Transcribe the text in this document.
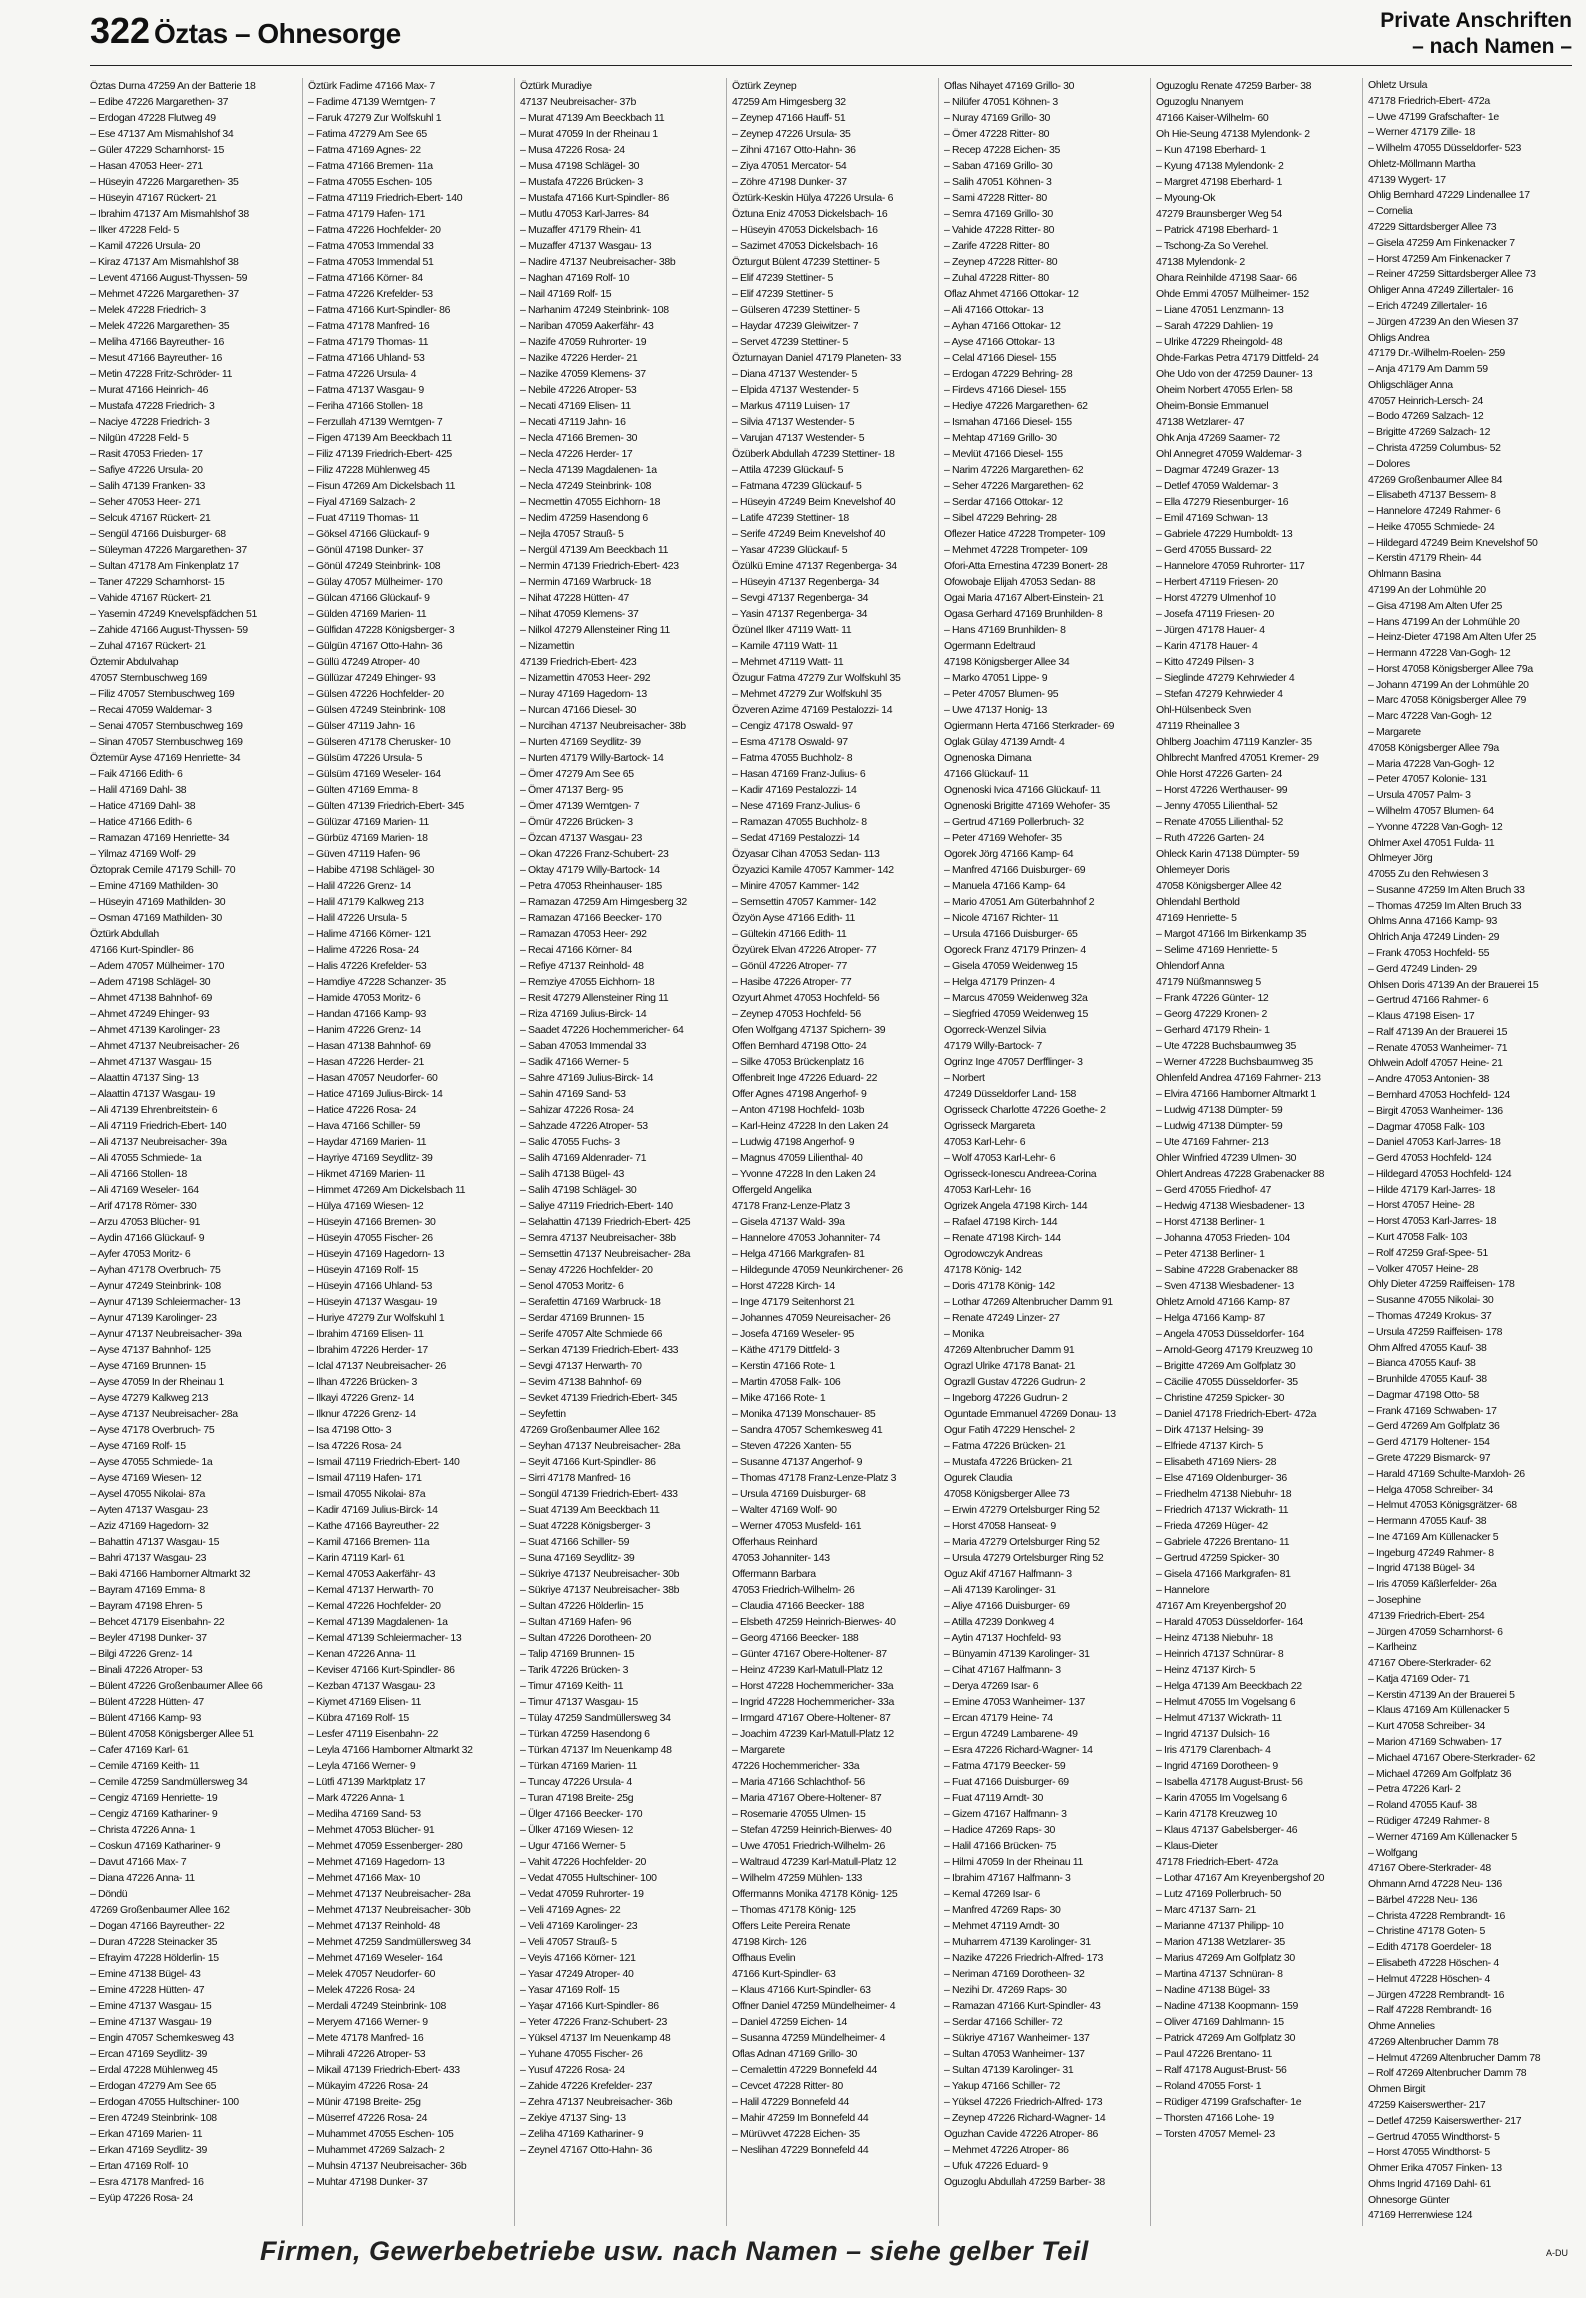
322 Öztas – Ohnesorge	Private Anschriften
– nach Namen –
Öztas Durna 47259 An der Batterie 18
– Edibe 47226 Margarethen- 37
– Erdogan 47228 Flutweg 49
– Ese 47137 Am Mismahlshof 34
– Güler 47229 Scharnhorst- 15
– Hasan 47053 Heer- 271
– Hüseyin 47226 Margarethen- 35
– Hüseyin 47167 Rückert- 21
– Ibrahim 47137 Am Mismahlshof 38
– Ilker 47228 Feld- 5
– Kamil 47226 Ursula- 20
– Kiraz 47137 Am Mismahlshof 38
– Levent 47166 August-Thyssen- 59
– Mehmet 47226 Margarethen- 37
– Melek 47228 Friedrich- 3
– Melek 47226 Margarethen- 35
– Meliha 47166 Bayreuther- 16
– Mesut 47166 Bayreuther- 16
– Metin 47228 Fritz-Schröder- 11
– Murat 47166 Heinrich- 46
– Mustafa 47228 Friedrich- 3
– Naciye 47228 Friedrich- 3
– Nilgün 47228 Feld- 5
– Rasit 47053 Frieden- 17
– Safiye 47226 Ursula- 20
– Salih 47139 Franken- 33
– Seher 47053 Heer- 271
– Selcuk 47167 Rückert- 21
– Sengül 47166 Duisburger- 68
– Süleyman 47226 Margarethen- 37
– Sultan 47178 Am Finkenplatz 17
– Taner 47229 Scharnhorst- 15
– Vahide 47167 Rückert- 21
– Yasemin 47249 Knevelspfädchen 51
– Zahide 47166 August-Thyssen- 59
– Zuhal 47167 Rückert- 21
Öztemir Abdulvahap
47057 Sternbuschweg 169
– Filiz 47057 Sternbuschweg 169
– Recai 47059 Waldemar- 3
– Senai 47057 Sternbuschweg 169
– Sinan 47057 Sternbuschweg 169
Öztemür Ayse 47169 Henriette- 34
– Faik 47166 Edith- 6
– Halil 47169 Dahl- 38
– Hatice 47169 Dahl- 38
– Hatice 47166 Edith- 6
– Ramazan 47169 Henriette- 34
– Yilmaz 47169 Wolf- 29
Öztoprak Cemile 47179 Schill- 70
– Emine 47169 Mathilden- 30
– Hüseyin 47169 Mathilden- 30
– Osman 47169 Mathilden- 30
Öztürk Abdullah
47166 Kurt-Spindler- 86
– Adem 47057 Mülheimer- 170
– Adem 47198 Schlägel- 30
– Ahmet 47138 Bahnhof- 69
– Ahmet 47249 Ehinger- 93
– Ahmet 47139 Karolinger- 23
– Ahmet 47137 Neubreisacher- 26
– Ahmet 47137 Wasgau- 15
– Alaattin 47137 Sing- 13
– Alaattin 47137 Wasgau- 19
– Ali 47139 Ehrenbreitstein- 6
– Ali 47119 Friedrich-Ebert- 140
– Ali 47137 Neubreisacher- 39a
– Ali 47055 Schmiede- 1a
– Ali 47166 Stollen- 18
– Ali 47169 Weseler- 164
– Arif 47178 Römer- 330
– Arzu 47053 Blücher- 91
– Aydin 47166 Glückauf- 9
– Ayfer 47053 Moritz- 6
– Ayhan 47178 Overbruch- 75
– Aynur 47249 Steinbrink- 108
– Aynur 47139 Schleiermacher- 13
– Aynur 47139 Karolinger- 23
– Aynur 47137 Neubreisacher- 39a
– Ayse 47137 Bahnhof- 125
– Ayse 47169 Brunnen- 15
– Ayse 47059 In der Rheinau 1
– Ayse 47279 Kalkweg 213
– Ayse 47137 Neubreisacher- 28a
– Ayse 47178 Overbruch- 75
– Ayse 47169 Rolf- 15
– Ayse 47055 Schmiede- 1a
– Ayse 47169 Wiesen- 12
– Aysel 47055 Nikolai- 87a
– Ayten 47137 Wasgau- 23
– Aziz 47169 Hagedorn- 32
– Bahattin 47137 Wasgau- 15
– Bahri 47137 Wasgau- 23
– Baki 47166 Hamborner Altmarkt 32
– Bayram 47169 Emma- 8
– Bayram 47198 Ehren- 5
– Behcet 47179 Eisenbahn- 22
– Beyler 47198 Dunker- 37
– Bilgi 47226 Grenz- 14
– Binali 47226 Atroper- 53
– Bülent 47226 Großenbaumer Allee 66
– Bülent 47228 Hütten- 47
– Bülent 47166 Kamp- 93
– Bülent 47058 Königsberger Allee 51
– Cafer 47169 Karl- 61
– Cemile 47169 Keith- 11
– Cemile 47259 Sandmüllersweg 34
– Cengiz 47169 Henriette- 19
– Cengiz 47169 Kathariner- 9
– Christa 47226 Anna- 1
– Coskun 47169 Kathariner- 9
– Davut 47166 Max- 7
– Diana 47226 Anna- 11
– Döndü
47269 Großenbaumer Allee 162
– Dogan 47166 Bayreuther- 22
– Duran 47228 Steinacker 35
– Efrayim 47228 Hölderlin- 15
– Emine 47138 Bügel- 43
– Emine 47228 Hütten- 47
– Emine 47137 Wasgau- 15
– Emine 47137 Wasgau- 19
– Engin 47057 Schemkesweg 43
– Ercan 47169 Seydlitz- 39
– Erdal 47228 Mühlenweg 45
– Erdogan 47279 Am See 65
– Erdogan 47055 Hultschiner- 100
– Eren 47249 Steinbrink- 108
– Erkan 47169 Marien- 11
– Erkan 47169 Seydlitz- 39
– Ertan 47169 Rolf- 10
– Esra 47178 Manfred- 16
– Eyüp 47226 Rosa- 24
Öztürk Fadime 47166 Max- 7
– Fadime 47139 Werntgen- 7
– Faruk 47279 Zur Wolfskuhl 1
– Fatima 47279 Am See 65
– Fatma 47169 Agnes- 22
– Fatma 47166 Bremen- 11a
– Fatma 47055 Eschen- 105
– Fatma 47119 Friedrich-Ebert- 140
– Fatma 47179 Hafen- 171
– Fatma 47226 Hochfelder- 20
– Fatma 47053 Immendal 33
– Fatma 47053 Immendal 51
– Fatma 47166 Körner- 84
– Fatma 47226 Krefelder- 53
– Fatma 47166 Kurt-Spindler- 86
– Fatma 47178 Manfred- 16
– Fatma 47179 Thomas- 11
– Fatma 47166 Uhland- 53
– Fatma 47226 Ursula- 4
– Fatma 47137 Wasgau- 9
– Feriha 47166 Stollen- 18
– Ferzullah 47139 Werntgen- 7
– Figen 47139 Am Beeckbach 11
– Filiz 47139 Friedrich-Ebert- 425
– Filiz 47228 Mühlenweg 45
– Fisun 47269 Am Dickelsbach 11
– Fiyal 47169 Salzach- 2
– Fuat 47119 Thomas- 11
– Göksel 47166 Glückauf- 9
– Gönül 47198 Dunker- 37
– Gönül 47249 Steinbrink- 108
– Gülay 47057 Mülheimer- 170
– Gülcan 47166 Glückauf- 9
– Gülden 47169 Marien- 11
– Gülfidan 47228 Königsberger- 3
– Gülgün 47167 Otto-Hahn- 36
– Güllü 47249 Atroper- 40
– Güllüzar 47249 Ehinger- 93
– Gülsen 47226 Hochfelder- 20
– Gülsen 47249 Steinbrink- 108
– Gülser 47119 Jahn- 16
– Gülseren 47178 Cherusker- 10
– Gülsüm 47226 Ursula- 5
– Gülsüm 47169 Weseler- 164
– Gülten 47169 Emma- 8
– Gülten 47139 Friedrich-Ebert- 345
– Gülüzar 47169 Marien- 11
– Gürbüz 47169 Marien- 18
– Güven 47119 Hafen- 96
– Habibe 47198 Schlägel- 30
– Halil 47226 Grenz- 14
– Halil 47179 Kalkweg 213
– Halil 47226 Ursula- 5
– Halime 47166 Körner- 121
– Halime 47226 Rosa- 24
– Halis 47226 Krefelder- 53
– Hamdiye 47228 Schanzer- 35
– Hamide 47053 Moritz- 6
– Handan 47166 Kamp- 93
– Hanim 47226 Grenz- 14
– Hasan 47138 Bahnhof- 69
– Hasan 47226 Herder- 21
– Hasan 47057 Neudorfer- 60
– Hatice 47169 Julius-Birck- 14
– Hatice 47226 Rosa- 24
– Hava 47166 Schiller- 59
– Haydar 47169 Marien- 11
– Hayriye 47169 Seydlitz- 39
– Hikmet 47169 Marien- 11
– Himmet 47269 Am Dickelsbach 11
– Hülya 47169 Wiesen- 12
– Hüseyin 47166 Bremen- 30
– Hüseyin 47055 Fischer- 26
– Hüseyin 47169 Hagedorn- 13
– Hüseyin 47169 Rolf- 15
– Hüseyin 47166 Uhland- 53
– Hüseyin 47137 Wasgau- 19
– Huriye 47279 Zur Wolfskuhl 1
– Ibrahim 47169 Elisen- 11
– Ibrahim 47226 Herder- 17
– Iclal 47137 Neubreisacher- 26
– Ilhan 47226 Brücken- 3
– Ilkayi 47226 Grenz- 14
– Ilknur 47226 Grenz- 14
– Isa 47198 Otto- 3
– Isa 47226 Rosa- 24
– Ismail 47119 Friedrich-Ebert- 140
– Ismail 47119 Hafen- 171
– Ismail 47055 Nikolai- 87a
– Kadir 47169 Julius-Birck- 14
– Kathe 47166 Bayreuther- 22
– Kamil 47166 Bremen- 11a
– Karin 47119 Karl- 61
– Kemal 47053 Aakerfähr- 43
– Kemal 47137 Herwarth- 70
– Kemal 47226 Hochfelder- 20
– Kemal 47139 Magdalenen- 1a
– Kemal 47139 Schleiermacher- 13
– Kenan 47226 Anna- 11
– Keviser 47166 Kurt-Spindler- 86
– Kezban 47137 Wasgau- 23
– Kiymet 47169 Elisen- 11
– Kübra 47169 Rolf- 15
– Lesfer 47119 Eisenbahn- 22
– Leyla 47166 Hamborner Altmarkt 32
– Leyla 47166 Werner- 9
– Lütfi 47139 Marktplatz 17
– Mark 47226 Anna- 1
– Mediha 47169 Sand- 53
– Mehmet 47053 Blücher- 91
– Mehmet 47059 Essenberger- 280
– Mehmet 47169 Hagedorn- 13
– Mehmet 47166 Max- 10
– Mehmet 47137 Neubreisacher- 28a
– Mehmet 47137 Neubreisacher- 30b
– Mehmet 47137 Reinhold- 48
– Mehmet 47259 Sandmüllersweg 34
– Mehmet 47169 Weseler- 164
– Melek 47057 Neudorfer- 60
– Melek 47226 Rosa- 24
– Merdali 47249 Steinbrink- 108
– Meryem 47166 Werner- 9
– Mete 47178 Manfred- 16
– Mihrali 47226 Atroper- 53
– Mikail 47139 Friedrich-Ebert- 433
– Mükayim 47226 Rosa- 24
– Münir 47198 Breite- 25g
– Müserref 47226 Rosa- 24
– Muhammet 47055 Eschen- 105
– Muhammet 47269 Salzach- 2
– Muhsin 47137 Neubreisacher- 36b
– Muhtar 47198 Dunker- 37
Öztürk Muradiye
47137 Neubreisacher- 37b
– Murat 47139 Am Beeckbach 11
– Murat 47059 In der Rheinau 1
– Musa 47226 Rosa- 24
– Musa 47198 Schlägel- 30
– Mustafa 47226 Brücken- 3
– Mustafa 47166 Kurt-Spindler- 86
– Mutlu 47053 Karl-Jarres- 84
– Muzaffer 47179 Rhein- 41
– Muzaffer 47137 Wasgau- 13
– Nadire 47137 Neubreisacher- 38b
– Naghan 47169 Rolf- 10
– Nail 47169 Rolf- 15
– Narhanim 47249 Steinbrink- 108
– Nariban 47059 Aakerfähr- 43
– Nazife 47059 Ruhrorter- 19
– Nazike 47226 Herder- 21
– Nazike 47059 Klemens- 37
– Nebile 47226 Atroper- 53
– Necati 47169 Elisen- 11
– Necati 47119 Jahn- 16
– Necla 47166 Bremen- 30
– Necla 47226 Herder- 17
– Necla 47139 Magdalenen- 1a
– Necla 47249 Steinbrink- 108
– Necmettin 47055 Eichhorn- 18
– Nedim 47259 Hasendong 6
– Nejla 47057 Strauß- 5
– Nergül 47139 Am Beeckbach 11
– Nermin 47139 Friedrich-Ebert- 423
– Nermin 47169 Warbruck- 18
– Nihat 47228 Hütten- 47
– Nihat 47059 Klemens- 37
– Nilkol 47279 Allensteiner Ring 11
– Nizamettin
47139 Friedrich-Ebert- 423
– Nizamettin 47053 Heer- 292
– Nuray 47169 Hagedorn- 13
– Nurcan 47166 Diesel- 30
– Nurcihan 47137 Neubreisacher- 38b
– Nurten 47169 Seydlitz- 39
– Nurten 47179 Willy-Bartock- 14
– Ömer 47279 Am See 65
– Ömer 47137 Berg- 95
– Ömer 47139 Werntgen- 7
– Ömür 47226 Brücken- 3
– Özcan 47137 Wasgau- 23
– Okan 47226 Franz-Schubert- 23
– Oktay 47179 Willy-Bartock- 14
– Petra 47053 Rheinhauser- 185
– Ramazan 47259 Am Himgesberg 32
– Ramazan 47166 Beecker- 170
– Ramazan 47053 Heer- 292
– Recai 47166 Körner- 84
– Refiye 47137 Reinhold- 48
– Remziye 47055 Eichhorn- 18
– Resit 47279 Allensteiner Ring 11
– Riza 47169 Julius-Birck- 14
– Saadet 47226 Hochemmericher- 64
– Saban 47053 Immendal 33
– Sadik 47166 Werner- 5
– Sahre 47169 Julius-Birck- 14
– Sahin 47169 Sand- 53
– Sahizar 47226 Rosa- 24
– Sahzade 47226 Atroper- 53
– Salic 47055 Fuchs- 3
– Salih 47169 Aldenrader- 71
– Salih 47138 Bügel- 43
– Salih 47198 Schlägel- 30
– Saliye 47119 Friedrich-Ebert- 140
– Selahattin 47139 Friedrich-Ebert- 425
– Semra 47137 Neubreisacher- 38b
– Semsettin 47137 Neubreisacher- 28a
– Senay 47226 Hochfelder- 20
– Senol 47053 Moritz- 6
– Serafettin 47169 Warbruck- 18
– Serdar 47169 Brunnen- 15
– Serife 47057 Alte Schmiede 66
– Serkan 47139 Friedrich-Ebert- 433
– Sevgi 47137 Herwarth- 70
– Sevim 47138 Bahnhof- 69
– Sevket 47139 Friedrich-Ebert- 345
– Seyfettin
47269 Großenbaumer Allee 162
– Seyhan 47137 Neubreisacher- 28a
– Seyit 47166 Kurt-Spindler- 86
– Sirri 47178 Manfred- 16
– Songül 47139 Friedrich-Ebert- 433
– Suat 47139 Am Beeckbach 11
– Suat 47228 Königsberger- 3
– Suat 47166 Schiller- 59
– Suna 47169 Seydlitz- 39
– Sükriye 47137 Neubreisacher- 30b
– Sükriye 47137 Neubreisacher- 38b
– Sultan 47226 Hölderlin- 15
– Sultan 47169 Hafen- 96
– Sultan 47226 Dorotheen- 20
– Talip 47169 Brunnen- 15
– Tarik 47226 Brücken- 3
– Timur 47169 Keith- 11
– Timur 47137 Wasgau- 15
– Tülay 47259 Sandmüllersweg 34
– Türkan 47259 Hasendong 6
– Türkan 47137 Im Neuenkamp 48
– Türkan 47169 Marien- 11
– Tuncay 47226 Ursula- 4
– Turan 47198 Breite- 25g
– Ülger 47166 Beecker- 170
– Ülker 47169 Wiesen- 12
– Ugur 47166 Werner- 5
– Vahit 47226 Hochfelder- 20
– Vedat 47055 Hultschiner- 100
– Vedat 47059 Ruhrorter- 19
– Veli 47169 Agnes- 22
– Veli 47169 Karolinger- 23
– Veli 47057 Strauß- 5
– Veyis 47166 Körner- 121
– Yasar 47249 Atroper- 40
– Yasar 47169 Rolf- 15
– Yaşar 47166 Kurt-Spindler- 86
– Yeter 47226 Franz-Schubert- 23
– Yüksel 47137 Im Neuenkamp 48
– Yuhane 47055 Fischer- 26
– Yusuf 47226 Rosa- 24
– Zahide 47226 Krefelder- 237
– Zehra 47137 Neubreisacher- 36b
– Zekiye 47137 Sing- 13
– Zeliha 47169 Kathariner- 9
– Zeynel 47167 Otto-Hahn- 36
Öztürk Zeynep
47259 Am Himgesberg 32
– Zeynep 47166 Hauff- 51
– Zeynep 47226 Ursula- 35
– Zihni 47167 Otto-Hahn- 36
– Ziya 47051 Mercator- 54
– Zöhre 47198 Dunker- 37
Öztürk-Keskin Hülya 47226 Ursula- 6
Öztuna Eniz 47053 Dickelsbach- 16
– Hüseyin 47053 Dickelsbach- 16
– Sazimet 47053 Dickelsbach- 16
Özturgut Bülent 47239 Stettiner- 5
– Elif 47239 Stettiner- 5
– Elif 47239 Stettiner- 5
– Gülseren 47239 Stettiner- 5
– Haydar 47239 Gleiwitzer- 7
– Servet 47239 Stettiner- 5
Özturnayan Daniel 47179 Planeten- 33
– Diana 47137 Westender- 5
– Elpida 47137 Westender- 5
– Markus 47119 Luisen- 17
– Silvia 47137 Westender- 5
– Varujan 47137 Westender- 5
Özüberk Abdullah 47239 Stettiner- 18
– Attila 47239 Glückauf- 5
– Fatmana 47239 Glückauf- 5
– Hüseyin 47249 Beim Knevelshof 40
– Latife 47239 Stettiner- 18
– Serife 47249 Beim Knevelshof 40
– Yasar 47239 Glückauf- 5
Özülkü Emine 47137 Regenberga- 34
– Hüseyin 47137 Regenberga- 34
– Sevgi 47137 Regenberga- 34
– Yasin 47137 Regenberga- 34
Özünel Ilker 47119 Watt- 11
– Kamile 47119 Watt- 11
– Mehmet 47119 Watt- 11
Özugur Fatma 47279 Zur Wolfskuhl 35
– Mehmet 47279 Zur Wolfskuhl 35
Özveren Azime 47169 Pestalozzi- 14
– Cengiz 47178 Oswald- 97
– Esma 47178 Oswald- 97
– Fatma 47055 Buchholz- 8
– Hasan 47169 Franz-Julius- 6
– Kadir 47169 Pestalozzi- 14
– Nese 47169 Franz-Julius- 6
– Ramazan 47055 Buchholz- 8
– Sedat 47169 Pestalozzi- 14
Özyasar Cihan 47053 Sedan- 113
Özyazici Kamile 47057 Kammer- 142
– Minire 47057 Kammer- 142
– Semsettin 47057 Kammer- 142
Özyön Ayse 47166 Edith- 11
– Gültekin 47166 Edith- 11
Özyürek Elvan 47226 Atroper- 77
– Gönül 47226 Atroper- 77
– Hasibe 47226 Atroper- 77
Ozyurt Ahmet 47053 Hochfeld- 56
– Zeynep 47053 Hochfeld- 56
Ofen Wolfgang 47137 Spichern- 39
Offen Bernhard 47198 Otto- 24
– Silke 47053 Brückenplatz 16
Offenbreit Inge 47226 Eduard- 22
Offer Agnes 47198 Angerhof- 9
– Anton 47198 Hochfeld- 103b
– Karl-Heinz 47228 In den Laken 24
– Ludwig 47198 Angerhof- 9
– Magnus 47059 Lilienthal- 40
– Yvonne 47228 In den Laken 24
Offergeld Angelika
47178 Franz-Lenze-Platz 3
– Gisela 47137 Wald- 39a
– Hannelore 47053 Johanniter- 74
– Helga 47166 Markgrafen- 81
– Hildegunde 47059 Neunkirchener- 26
– Horst 47228 Kirch- 14
– Inge 47179 Seitenhorst 21
– Johannes 47059 Neureisacher- 26
– Josefa 47169 Weseler- 95
– Käthe 47179 Dittfeld- 3
– Kerstin 47166 Rote- 1
– Martin 47058 Falk- 106
– Mike 47166 Rote- 1
– Monika 47139 Monschauer- 85
– Sandra 47057 Schemkesweg 41
– Steven 47226 Xanten- 55
– Susanne 47137 Angerhof- 9
– Thomas 47178 Franz-Lenze-Platz 3
– Ursula 47169 Duisburger- 68
– Walter 47169 Wolf- 90
– Werner 47053 Musfeld- 161
Offerhaus Reinhard
47053 Johanniter- 143
Offermann Barbara
47053 Friedrich-Wilhelm- 26
– Claudia 47166 Beecker- 188
– Elsbeth 47259 Heinrich-Bierwes- 40
– Georg 47166 Beecker- 188
– Günter 47167 Obere-Holtener- 87
– Heinz 47239 Karl-Matull-Platz 12
– Horst 47228 Hochemmericher- 33a
– Ingrid 47228 Hochemmericher- 33a
– Irmgard 47167 Obere-Holtener- 87
– Joachim 47239 Karl-Matull-Platz 12
– Margarete
47226 Hochemmericher- 33a
– Maria 47166 Schlachthof- 56
– Maria 47167 Obere-Holtener- 87
– Rosemarie 47055 Ulmen- 15
– Stefan 47259 Heinrich-Bierwes- 40
– Uwe 47051 Friedrich-Wilhelm- 26
– Waltraud 47239 Karl-Matull-Platz 12
– Wilhelm 47259 Mühlen- 133
Offermanns Monika 47178 König- 125
– Thomas 47178 König- 125
Offers Leite Pereira Renate
47198 Kirch- 126
Offhaus Evelin
47166 Kurt-Spindler- 63
– Klaus 47166 Kurt-Spindler- 63
Offner Daniel 47259 Mündelheimer- 4
– Daniel 47259 Eichen- 14
– Susanna 47259 Mündelheimer- 4
Oflas Adnan 47169 Grillo- 30
– Cemalettin 47229 Bonnefeld 44
– Cevcet 47228 Ritter- 80
– Halil 47229 Bonnefeld 44
– Mahir 47259 Im Bonnefeld 44
– Mürüvvet 47228 Eichen- 35
– Neslihan 47229 Bonnefeld 44
Oflas Nihayet 47169 Grillo- 30
– Nilüfer 47051 Köhnen- 3
– Nuray 47169 Grillo- 30
– Ömer 47228 Ritter- 80
– Recep 47228 Eichen- 35
– Saban 47169 Grillo- 30
– Salih 47051 Köhnen- 3
– Sami 47228 Ritter- 80
– Semra 47169 Grillo- 30
– Vahide 47228 Ritter- 80
– Zarife 47228 Ritter- 80
– Zeynep 47228 Ritter- 80
– Zuhal 47228 Ritter- 80
Oflaz Ahmet 47166 Ottokar- 12
– Ali 47166 Ottokar- 13
– Ayhan 47166 Ottokar- 12
– Ayse 47166 Ottokar- 13
– Celal 47166 Diesel- 155
– Erdogan 47229 Behring- 28
– Firdevs 47166 Diesel- 155
– Hediye 47226 Margarethen- 62
– Ismahan 47166 Diesel- 155
– Mehtap 47169 Grillo- 30
– Mevlüt 47166 Diesel- 155
– Narim 47226 Margarethen- 62
– Seher 47226 Margarethen- 62
– Serdar 47166 Ottokar- 12
– Sibel 47229 Behring- 28
Oflezer Hatice 47228 Trompeter- 109
– Mehmet 47228 Trompeter- 109
Ofori-Atta Ernestina 47239 Bonert- 28
Ofowobaje Elijah 47053 Sedan- 88
Ogai Maria 47167 Albert-Einstein- 21
Ogasa Gerhard 47169 Brunhilden- 8
– Hans 47169 Brunhilden- 8
Ogermann Edeltraud
47198 Königsberger Allee 34
– Marko 47051 Lippe- 9
– Peter 47057 Blumen- 95
– Uwe 47137 Honig- 13
Ogiermann Herta 47166 Sterkrader- 69
Oglak Gülay 47139 Arndt- 4
Ognenoska Dimana
47166 Glückauf- 11
Ognenoski Ivica 47166 Glückauf- 11
Ognenoski Brigitte 47169 Wehofer- 35
– Gertrud 47169 Pollerbruch- 32
– Peter 47169 Wehofer- 35
Ogorek Jörg 47166 Kamp- 64
– Manfred 47166 Duisburger- 69
– Manuela 47166 Kamp- 64
– Mario 47051 Am Güterbahnhof 2
– Nicole 47167 Richter- 11
– Ursula 47166 Duisburger- 65
Ogoreck Franz 47179 Prinzen- 4
– Gisela 47059 Weidenweg 15
– Helga 47179 Prinzen- 4
– Marcus 47059 Weidenweg 32a
– Siegfried 47059 Weidenweg 15
Ogorreck-Wenzel Silvia
47179 Willy-Bartock- 7
Ogrinz Inge 47057 Derfflinger- 3
– Norbert
47249 Düsseldorfer Land- 158
Ogrisseck Charlotte 47226 Goethe- 2
Ogrisseck Margareta
47053 Karl-Lehr- 6
– Wolf 47053 Karl-Lehr- 6
Ogrisseck-Ionescu Andreea-Corina
47053 Karl-Lehr- 16
Ogrizek Angela 47198 Kirch- 144
– Rafael 47198 Kirch- 144
– Renate 47198 Kirch- 144
Ogrodowczyk Andreas
47178 König- 142
– Doris 47178 König- 142
– Lothar 47269 Altenbrucher Damm 91
– Renate 47249 Linzer- 27
– Monika
47269 Altenbrucher Damm 91
Ograzl Ulrike 47178 Banat- 21
Ograzll Gustav 47226 Gudrun- 2
– Ingeborg 47226 Gudrun- 2
Oguntade Emmanuel 47269 Donau- 13
Ogur Fatih 47229 Henschel- 2
– Fatma 47226 Brücken- 21
– Mustafa 47226 Brücken- 21
Ogurek Claudia
47058 Königsberger Allee 73
– Erwin 47279 Ortelsburger Ring 52
– Horst 47058 Hanseat- 9
– Maria 47279 Ortelsburger Ring 52
– Ursula 47279 Ortelsburger Ring 52
Oguz Akif 47167 Halfmann- 3
– Ali 47139 Karolinger- 31
– Aliye 47166 Duisburger- 69
– Atilla 47239 Donkweg 4
– Aytin 47137 Hochfeld- 93
– Bünyamin 47139 Karolinger- 31
– Cihat 47167 Halfmann- 3
– Derya 47269 Isar- 6
– Emine 47053 Wanheimer- 137
– Ercan 47179 Heine- 74
– Ergun 47249 Lambarene- 49
– Esra 47226 Richard-Wagner- 14
– Fatma 47179 Beecker- 59
– Fuat 47166 Duisburger- 69
– Fuat 47119 Arndt- 30
– Gizem 47167 Halfmann- 3
– Hadice 47269 Raps- 30
– Halil 47166 Brücken- 75
– Hilmi 47059 In der Rheinau 11
– Ibrahim 47167 Halfmann- 3
– Kemal 47269 Isar- 6
– Manfred 47269 Raps- 30
– Mehmet 47119 Arndt- 30
– Muharrem 47139 Karolinger- 31
– Nazike 47226 Friedrich-Alfred- 173
– Neriman 47169 Dorotheen- 32
– Nezihi Dr. 47269 Raps- 30
– Ramazan 47166 Kurt-Spindler- 43
– Serdar 47166 Schiller- 72
– Sükriye 47167 Wanheimer- 137
– Sultan 47053 Wanheimer- 137
– Sultan 47139 Karolinger- 31
– Yakup 47166 Schiller- 72
– Yüksel 47226 Friedrich-Alfred- 173
– Zeynep 47226 Richard-Wagner- 14
Oguzhan Cavide 47226 Atroper- 86
– Mehmet 47226 Atroper- 86
– Ufuk 47226 Eduard- 9
Oguzoglu Abdullah 47259 Barber- 38
Oguzoglu Renate 47259 Barber- 38
Oguzoglu Nnanyem
47166 Kaiser-Wilhelm- 60
Oh Hie-Seung 47138 Mylendonk- 2
– Kun 47198 Eberhard- 1
– Kyung 47138 Mylendonk- 2
– Margret 47198 Eberhard- 1
– Myoung-Ok
47279 Braunsberger Weg 54
– Patrick 47198 Eberhard- 1
– Tschong-Za So Verehel.
47138 Mylendonk- 2
Ohara Reinhilde 47198 Saar- 66
Ohde Emmi 47057 Mülheimer- 152
– Liane 47051 Lenzmann- 13
– Sarah 47229 Dahlien- 19
– Ulrike 47229 Rheingold- 48
Ohde-Farkas Petra 47179 Dittfeld- 24
Ohe Udo von der 47259 Dauner- 13
Oheim Norbert 47055 Erlen- 58
Oheim-Bonsie Emmanuel
47138 Wetzlarer- 47
Ohk Anja 47269 Saamer- 72
Ohl Annegret 47059 Waldemar- 3
– Dagmar 47249 Grazer- 13
– Detlef 47059 Waldemar- 3
– Ella 47279 Riesenburger- 16
– Emil 47169 Schwan- 13
– Gabriele 47229 Humboldt- 13
– Gerd 47055 Bussard- 22
– Hannelore 47059 Ruhrorter- 117
– Herbert 47119 Friesen- 20
– Horst 47279 Ulmenhof 10
– Josefa 47119 Friesen- 20
– Jürgen 47178 Hauer- 4
– Karin 47178 Hauer- 4
– Kitto 47249 Pilsen- 3
– Sieglinde 47279 Kehrwieder 4
– Stefan 47279 Kehrwieder 4
Ohl-Hülsenbeck Sven
47119 Rheinallee 3
Ohlberg Joachim 47119 Kanzler- 35
Ohlbrecht Manfred 47051 Kremer- 29
Ohle Horst 47226 Garten- 24
– Horst 47226 Werthauser- 99
– Jenny 47055 Lilienthal- 52
– Renate 47055 Lilienthal- 52
– Ruth 47226 Garten- 24
Ohleck Karin 47138 Dümpter- 59
Ohlemeyer Doris
47058 Königsberger Allee 42
Ohlendahl Berthold
47169 Henriette- 5
– Margot 47166 Im Birkenkamp 35
– Selime 47169 Henriette- 5
Ohlendorf Anna
47179 Nüßmannsweg 5
– Frank 47226 Günter- 12
– Georg 47229 Kronen- 2
– Gerhard 47179 Rhein- 1
– Ute 47228 Buchsbaumweg 35
– Werner 47228 Buchsbaumweg 35
Ohlenfeld Andrea 47169 Fahrner- 213
– Elvira 47166 Hamborner Altmarkt 1
– Ludwig 47138 Dümpter- 59
– Ludwig 47138 Dümpter- 59
– Ute 47169 Fahrner- 213
Ohler Winfried 47239 Ulmen- 30
Ohlert Andreas 47228 Grabenacker 88
– Gerd 47055 Friedhof- 47
– Hedwig 47138 Wiesbadener- 13
– Horst 47138 Berliner- 1
– Johanna 47053 Frieden- 104
– Peter 47138 Berliner- 1
– Sabine 47228 Grabenacker 88
– Sven 47138 Wiesbadener- 13
Ohletz Arnold 47166 Kamp- 87
– Helga 47166 Kamp- 87
– Angela 47053 Düsseldorfer- 164
– Arnold-Georg 47179 Kreuzweg 10
– Brigitte 47269 Am Golfplatz 30
– Cäcilie 47055 Düsseldorfer- 35
– Christine 47259 Spicker- 30
– Daniel 47178 Friedrich-Ebert- 472a
– Dirk 47137 Helsing- 39
– Elfriede 47137 Kirch- 5
– Elisabeth 47169 Niers- 28
– Else 47169 Oldenburger- 36
– Friedhelm 47138 Niebuhr- 18
– Friedrich 47137 Wickrath- 11
– Frieda 47269 Hüger- 42
– Gabriele 47226 Brentano- 11
– Gertrud 47259 Spicker- 30
– Gisela 47166 Markgrafen- 81
– Hannelore
47167 Am Kreyenbergshof 20
– Harald 47053 Düsseldorfer- 164
– Heinz 47138 Niebuhr- 18
– Heinrich 47137 Schnürar- 8
– Heinz 47137 Kirch- 5
– Helga 47139 Am Beeckbach 22
– Helmut 47055 Im Vogelsang 6
– Helmut 47137 Wickrath- 11
– Ingrid 47137 Dulsich- 16
– Iris 47179 Clarenbach- 4
– Ingrid 47169 Dorotheen- 9
– Isabella 47178 August-Brust- 56
– Karin 47055 Im Vogelsang 6
– Karin 47178 Kreuzweg 10
– Klaus 47137 Gabelsberger- 46
– Klaus-Dieter
47178 Friedrich-Ebert- 472a
– Lothar 47167 Am Kreyenbergshof 20
– Lutz 47169 Pollerbruch- 50
– Marc 47137 Sarn- 21
– Marianne 47137 Philipp- 10
– Marion 47138 Wetzlarer- 35
– Marius 47269 Am Golfplatz 30
– Martina 47137 Schnüran- 8
– Nadine 47138 Bügel- 33
– Nadine 47138 Koopmann- 159
– Oliver 47169 Dahlmann- 15
– Patrick 47269 Am Golfplatz 30
– Paul 47226 Brentano- 11
– Ralf 47178 August-Brust- 56
– Roland 47055 Forst- 1
– Rüdiger 47199 Grafschafter- 1e
– Thorsten 47166 Lohe- 19
– Torsten 47057 Memel- 23
Ohletz Ursula
47178 Friedrich-Ebert- 472a
– Uwe 47199 Grafschafter- 1e
– Werner 47179 Zille- 18
– Wilhelm 47055 Düsseldorfer- 523
Ohletz-Möllmann Martha
47139 Wygert- 17
Ohlig Bernhard 47229 Lindenallee 17
– Cornelia
47229 Sittardsberger Allee 73
– Gisela 47259 Am Finkenacker 7
– Horst 47259 Am Finkenacker 7
– Reiner 47259 Sittardsberger Allee 73
Ohliger Anna 47249 Zillertaler- 16
– Erich 47249 Zillertaler- 16
– Jürgen 47239 An den Wiesen 37
Ohligs Andrea
47179 Dr.-Wilhelm-Roelen- 259
– Anja 47179 Am Damm 59
Ohligschläger Anna
47057 Heinrich-Lersch- 24
– Bodo 47269 Salzach- 12
– Brigitte 47269 Salzach- 12
– Christa 47259 Columbus- 52
– Dolores
47269 Großenbaumer Allee 84
– Elisabeth 47137 Bessem- 8
– Hannelore 47249 Rahmer- 6
– Heike 47055 Schmiede- 24
– Hildegard 47249 Beim Knevelshof 50
– Kerstin 47179 Rhein- 44
Ohlmann Basina
47199 An der Lohmühle 20
– Gisa 47198 Am Alten Ufer 25
– Hans 47199 An der Lohmühle 20
– Heinz-Dieter 47198 Am Alten Ufer 25
– Hermann 47228 Van-Gogh- 12
– Horst 47058 Königsberger Allee 79a
– Johann 47199 An der Lohmühle 20
– Marc 47058 Königsberger Allee 79
– Marc 47228 Van-Gogh- 12
– Margarete
47058 Königsberger Allee 79a
– Maria 47228 Van-Gogh- 12
– Peter 47057 Kolonie- 131
– Ursula 47057 Palm- 3
– Wilhelm 47057 Blumen- 64
– Yvonne 47228 Van-Gogh- 12
Ohlmer Axel 47051 Fulda- 11
Ohlmeyer Jörg
47055 Zu den Rehwiesen 3
– Susanne 47259 Im Alten Bruch 33
– Thomas 47259 Im Alten Bruch 33
Ohlms Anna 47166 Kamp- 93
Ohlrich Anja 47249 Linden- 29
– Frank 47053 Hochfeld- 55
– Gerd 47249 Linden- 29
Ohlsen Doris 47139 An der Brauerei 15
– Gertrud 47166 Rahmer- 6
– Klaus 47198 Eisen- 17
– Ralf 47139 An der Brauerei 15
– Renate 47053 Wanheimer- 71
Ohlwein Adolf 47057 Heine- 21
– Andre 47053 Antonien- 38
– Bernhard 47053 Hochfeld- 124
– Birgit 47053 Wanheimer- 136
– Dagmar 47058 Falk- 103
– Daniel 47053 Karl-Jarres- 18
– Gerd 47053 Hochfeld- 124
– Hildegard 47053 Hochfeld- 124
– Hilde 47179 Karl-Jarres- 18
– Horst 47057 Heine- 28
– Horst 47053 Karl-Jarres- 18
– Kurt 47058 Falk- 103
– Rolf 47259 Graf-Spee- 51
– Volker 47057 Heine- 28
Ohly Dieter 47259 Raiffeisen- 178
– Susanne 47055 Nikolai- 30
– Thomas 47249 Krokus- 37
– Ursula 47259 Raiffeisen- 178
Ohm Alfred 47055 Kauf- 38
– Bianca 47055 Kauf- 38
– Brunhilde 47055 Kauf- 38
– Dagmar 47198 Otto- 58
– Frank 47169 Schwaben- 17
– Gerd 47269 Am Golfplatz 36
– Gerd 47179 Holtener- 154
– Grete 47229 Bismarck- 97
– Harald 47169 Schulte-Marxloh- 26
– Helga 47058 Schreiber- 34
– Helmut 47053 Königsgrätzer- 68
– Hermann 47055 Kauf- 38
– Ine 47169 Am Küllenacker 5
– Ingeburg 47249 Rahmer- 8
– Ingrid 47138 Bügel- 34
– Iris 47059 Käßlerfelder- 26a
– Josephine
47139 Friedrich-Ebert- 254
– Jürgen 47059 Scharnhorst- 6
– Karlheinz
47167 Obere-Sterkrader- 62
– Katja 47169 Oder- 71
– Kerstin 47139 An der Brauerei 5
– Klaus 47169 Am Küllenacker 5
– Kurt 47058 Schreiber- 34
– Marion 47169 Schwaben- 17
– Michael 47167 Obere-Sterkrader- 62
– Michael 47269 Am Golfplatz 36
– Petra 47226 Karl- 2
– Roland 47055 Kauf- 38
– Rüdiger 47249 Rahmer- 8
– Werner 47169 Am Küllenacker 5
– Wolfgang
47167 Obere-Sterkrader- 48
Ohmann Arnd 47228 Neu- 136
– Bärbel 47228 Neu- 136
– Christa 47228 Rembrandt- 16
– Christine 47178 Goten- 5
– Edith 47178 Goerdeler- 18
– Elisabeth 47228 Höschen- 4
– Helmut 47228 Höschen- 4
– Jürgen 47228 Rembrandt- 16
– Ralf 47228 Rembrandt- 16
Ohme Annelies
47269 Altenbrucher Damm 78
– Helmut 47269 Altenbrucher Damm 78
– Rolf 47269 Altenbrucher Damm 78
Ohmen Birgit
47259 Kaiserswerther- 217
– Detlef 47259 Kaiserswerther- 217
– Gertrud 47055 Windthorst- 5
– Horst 47055 Windthorst- 5
Ohmer Erika 47057 Finken- 13
Ohms Ingrid 47169 Dahl- 61
Ohnesorge Günter
47169 Herrenwiese 124
Firmen, Gewerbebetriebe usw. nach Namen – siehe gelber Teil	A-DU
